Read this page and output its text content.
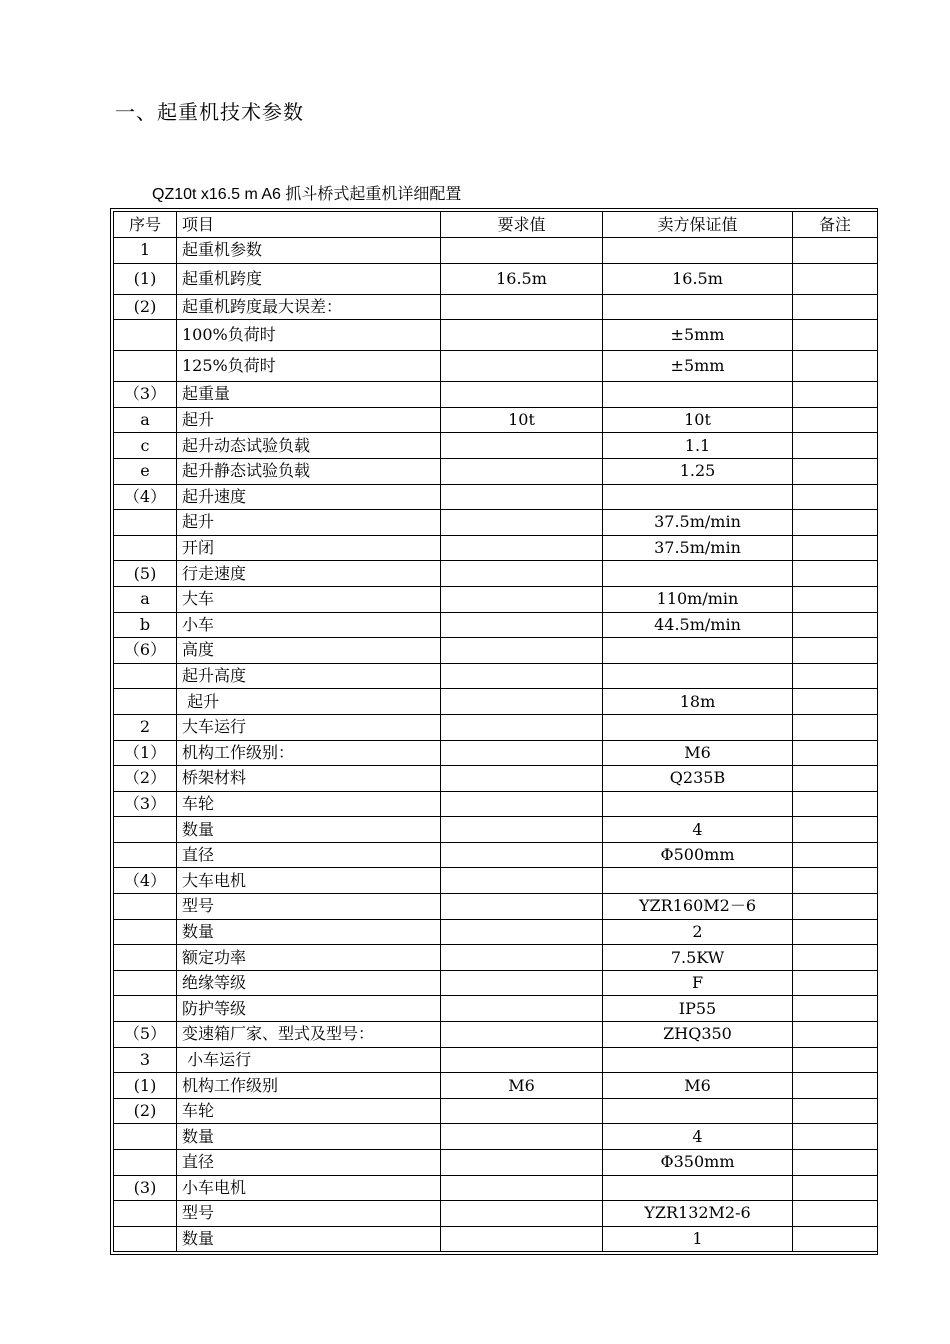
一、起重机技术参数
QZ10t x16.5 m A6 抓斗桥式起重机详细配置
序号	项目	要求值	卖方保证值	备注
1	起重机参数			
(1)	起重机跨度	16.5m	16.5m	
(2)	起重机跨度最大误差：			
	100%负荷时		±5mm	
	125%负荷时		±5mm	
（3）	起重量			
a	起升	10t	10t	
c	起升动态试验负载		1.1	
e	起升静态试验负载		1.25	
（4）	起升速度			
	起升		37.5m/min	
	开闭		37.5m/min	
(5)	行走速度			
a	大车		110m/min	
b	小车		44.5m/min	
（6）	高度			
	起升高度			
	起升		18m	
2	大车运行			
（1）	机构工作级别：		M6	
（2）	桥架材料		Q235B	
（3）	车轮			
	数量		4	
	直径		Φ500mm	
（4）	大车电机			
	型号		YZR160M2－6	
	数量		2	
	额定功率		7.5KW	
	绝缘等级		F	
	防护等级		IP55	
（5）	变速箱厂家、型式及型号：		ZHQ350	
3	小车运行			
(1)	机构工作级别	M6	M6	
(2)	车轮			
	数量		4	
	直径		Φ350mm	
(3)	小车电机			
	型号		YZR132M2-6	
	数量		1	
